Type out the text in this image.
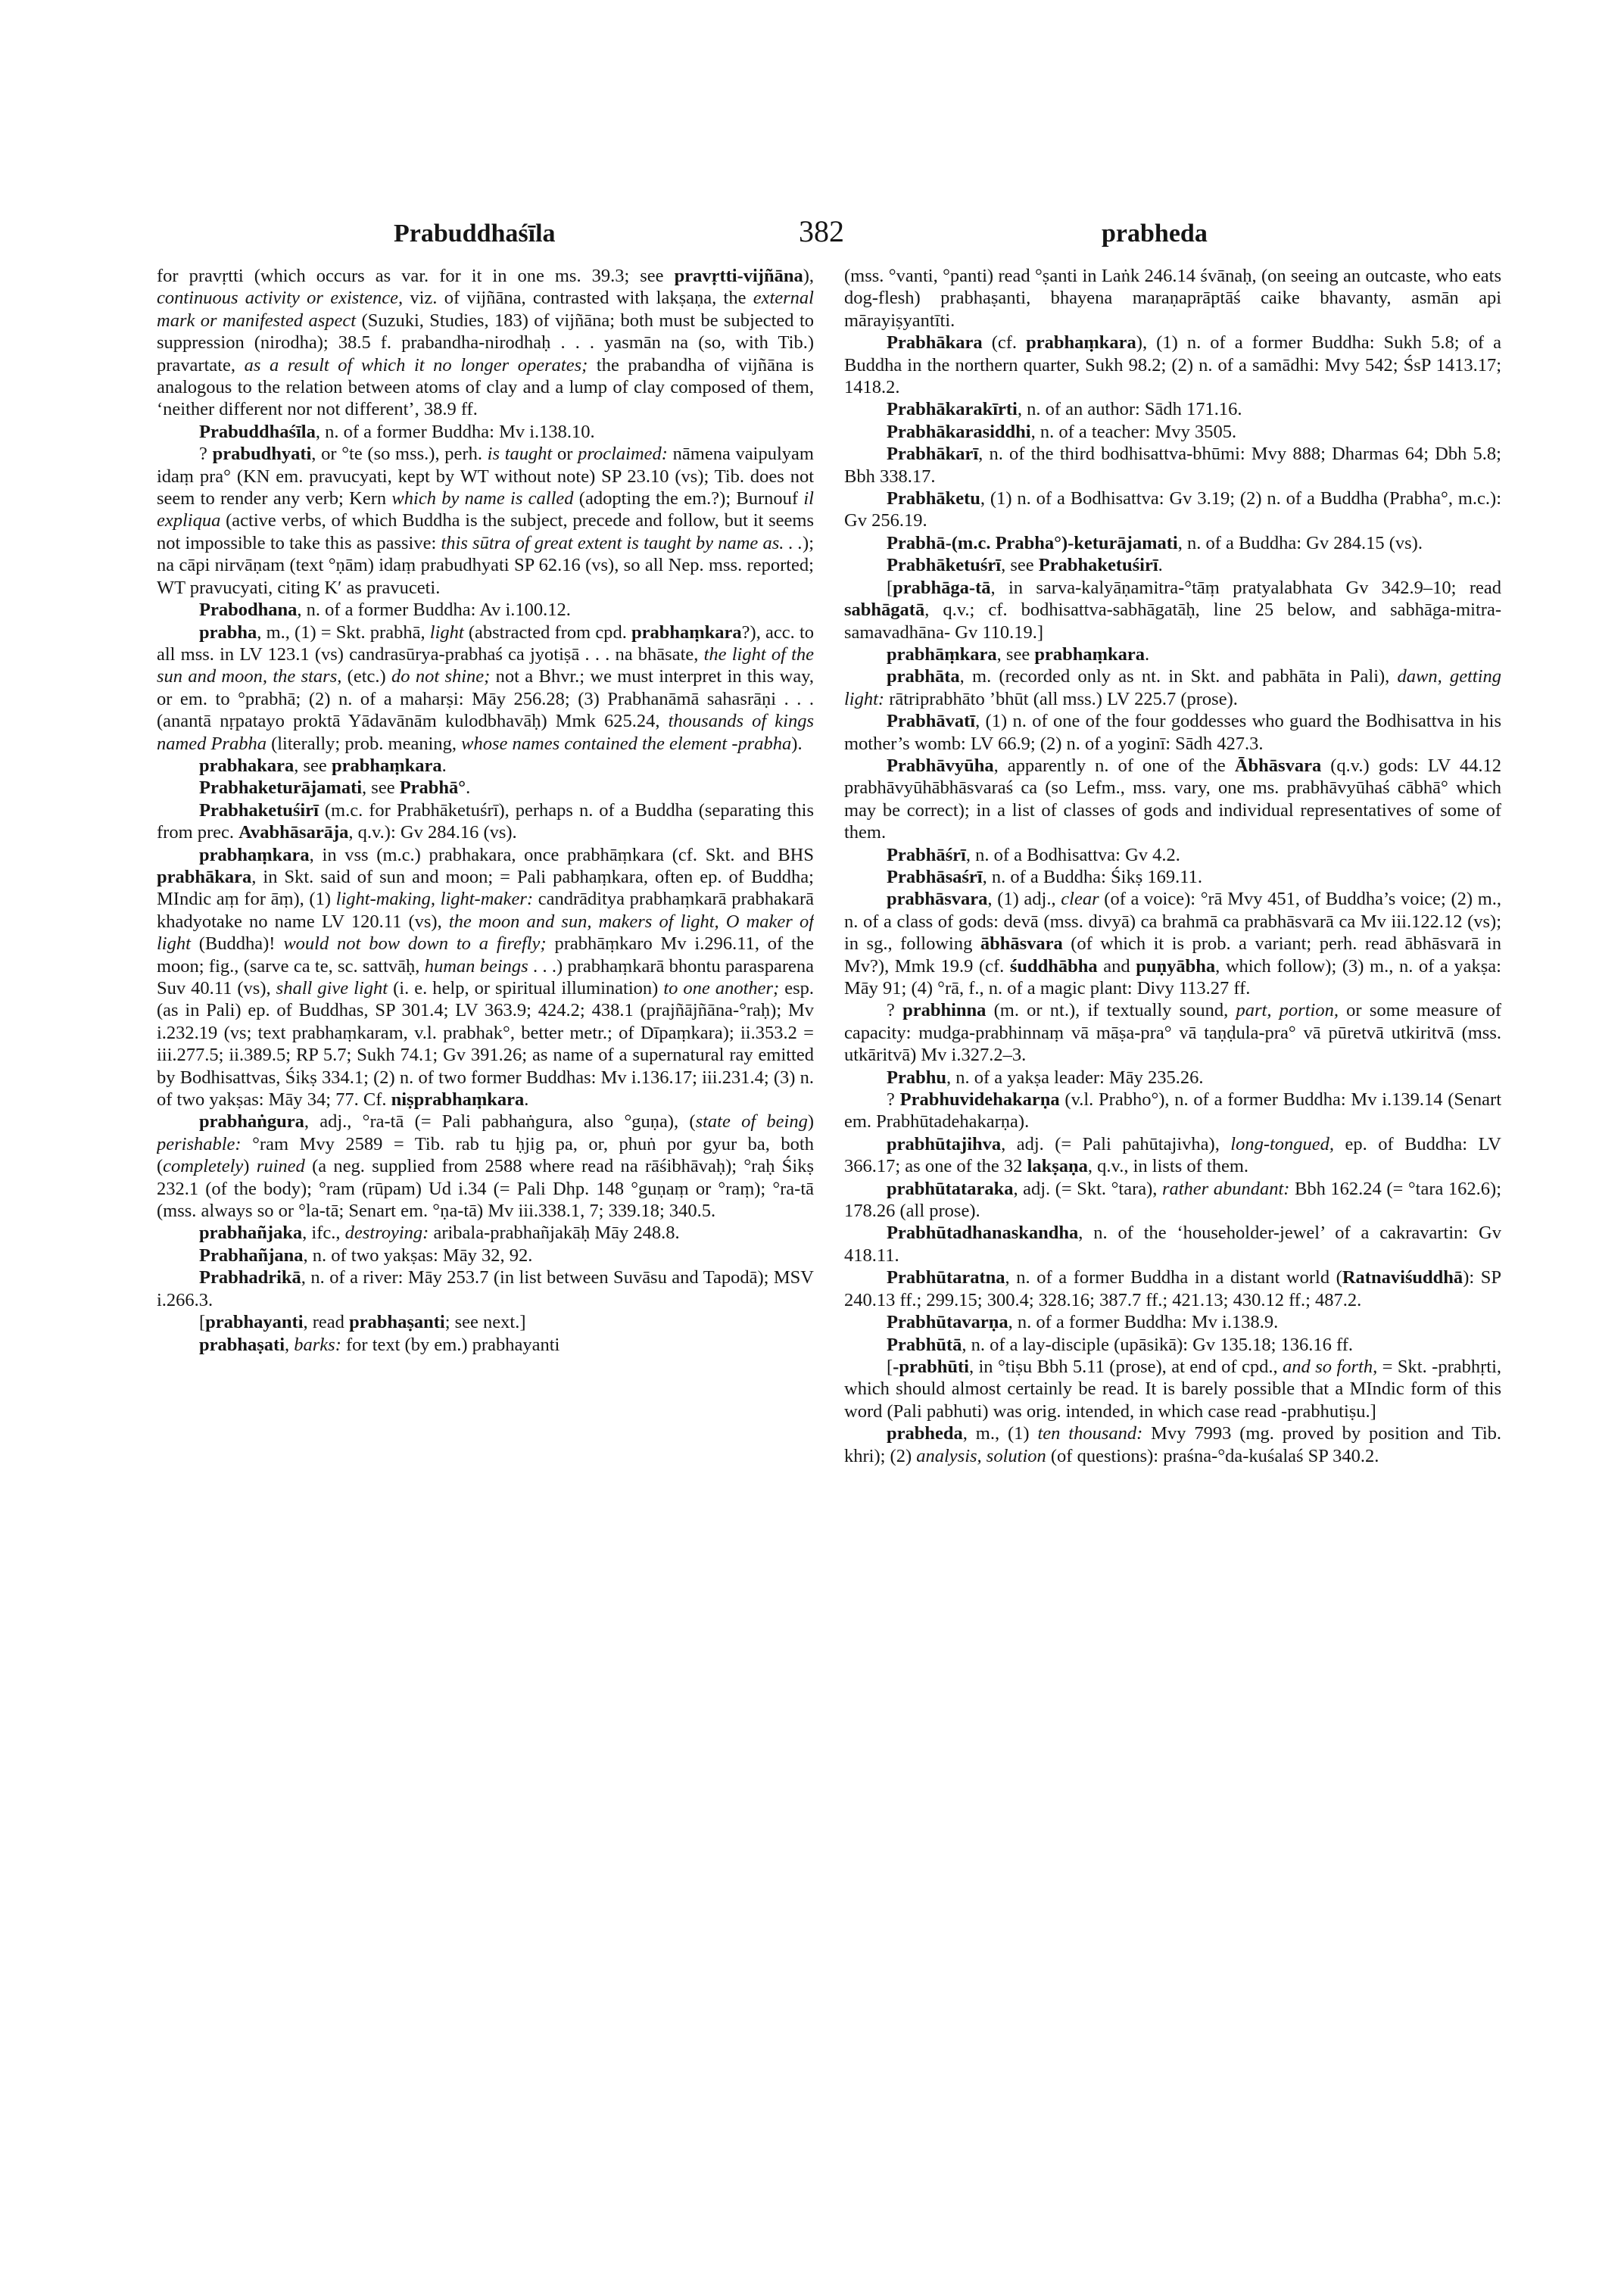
Prabuddhaśīla	382	prabheda

for pravṛtti (which occurs as var. for it in one ms. 39.3; see pravṛtti-vijñāna), continuous activity or existence, viz. of vijñāna, contrasted with lakṣaṇa, the external mark or manifested aspect (Suzuki, Studies, 183) of vijñāna; both must be subjected to suppression (nirodha); 38.5 f. prabandha-nirodhaḥ . . . yasmān na (so, with Tib.) pravartate, as a result of which it no longer operates; the prabandha of vijñāna is analogous to the relation between atoms of clay and a lump of clay composed of them, ‘neither different nor not different’, 38.9 ff.

Prabuddhaśīla, n. of a former Buddha: Mv i.138.10.

? prabudhyati, or °te (so mss.), perh. is taught or proclaimed: nāmena vaipulyam idaṃ pra° (KN em. pravucyati, kept by WT without note) SP 23.10 (vs); Tib. does not seem to render any verb; Kern which by name is called (adopting the em.?); Burnouf il expliqua (active verbs, of which Buddha is the subject, precede and follow, but it seems not impossible to take this as passive: this sūtra of great extent is taught by name as. . .); na cāpi nirvāṇam (text °ṇām) idaṃ prabudhyati SP 62.16 (vs), so all Nep. mss. reported; WT pravucyati, citing K′ as pravuceti.

Prabodhana, n. of a former Buddha: Av i.100.12.

prabha, m., (1) = Skt. prabhā, light (abstracted from cpd. prabhaṃkara?), acc. to all mss. in LV 123.1 (vs) candrasūrya-prabhaś ca jyotiṣā . . . na bhāsate, the light of the sun and moon, the stars, (etc.) do not shine; not a Bhvr.; we must interpret in this way, or em. to °prabhā; (2) n. of a maharṣi: Māy 256.28; (3) Prabhanāmā sahasrāṇi . . . (anantā nṛpatayo proktā Yādavānām kulodbhavāḥ) Mmk 625.24, thousands of kings named Prabha (literally; prob. meaning, whose names contained the element -prabha).

prabhakara, see prabhaṃkara.

Prabhaketurājamati, see Prabhā°.

Prabhaketuśirī (m.c. for Prabhāketuśrī), perhaps n. of a Buddha (separating this from prec. Avabhāsarāja, q.v.): Gv 284.16 (vs).

prabhaṃkara, in vss (m.c.) prabhakara, once prabhāṃkara (cf. Skt. and BHS prabhākara, in Skt. said of sun and moon; = Pali pabhaṃkara, often ep. of Buddha; MIndic aṃ for āṃ), (1) light-making, light-maker: candrāditya prabhaṃkarā prabhakarā khadyotake no name LV 120.11 (vs), the moon and sun, makers of light, O maker of light (Buddha)! would not bow down to a firefly; prabhāṃkaro Mv i.296.11, of the moon; fig., (sarve ca te, sc. sattvāḥ, human beings . . .) prabhaṃkarā bhontu parasparena Suv 40.11 (vs), shall give light (i. e. help, or spiritual illumination) to one another; esp. (as in Pali) ep. of Buddhas, SP 301.4; LV 363.9; 424.2; 438.1 (prajñājñāna-°raḥ); Mv i.232.19 (vs; text prabhaṃkaram, v.l. prabhak°, better metr.; of Dīpaṃkara); ii.353.2 = iii.277.5; ii.389.5; RP 5.7; Sukh 74.1; Gv 391.26; as name of a supernatural ray emitted by Bodhisattvas, Śikṣ 334.1; (2) n. of two former Buddhas: Mv i.136.17; iii.231.4; (3) n. of two yakṣas: Māy 34; 77. Cf. niṣprabhaṃkara.

prabhaṅgura, adj., °ra-tā (= Pali pabhaṅgura, also °guṇa), (state of being) perishable: °ram Mvy 2589 = Tib. rab tu ḥjig pa, or, phuṅ por gyur ba, both (completely) ruined (a neg. supplied from 2588 where read na rāśibhāvaḥ); °raḥ Śikṣ 232.1 (of the body); °ram (rūpam) Ud i.34 (= Pali Dhp. 148 °guṇaṃ or °raṃ); °ra-tā (mss. always so or °la-tā; Senart em. °ṇa-tā) Mv iii.338.1, 7; 339.18; 340.5.

prabhañjaka, ifc., destroying: aribala-prabhañjakāḥ Māy 248.8.

Prabhañjana, n. of two yakṣas: Māy 32, 92.

Prabhadrikā, n. of a river: Māy 253.7 (in list between Suvāsu and Tapodā); MSV i.266.3.

[prabhayanti, read prabhaṣanti; see next.]

prabhaṣati, barks: for text (by em.) prabhayanti

(mss. °vanti, °panti) read °ṣanti in Laṅk 246.14 śvānaḥ, (on seeing an outcaste, who eats dog-flesh) prabhaṣanti, bhayena maraṇaprāptāś caike bhavanty, asmān api mārayiṣyantīti.

Prabhākara (cf. prabhaṃkara), (1) n. of a former Buddha: Sukh 5.8; of a Buddha in the northern quarter, Sukh 98.2; (2) n. of a samādhi: Mvy 542; ŚsP 1413.17; 1418.2.

Prabhākarakīrti, n. of an author: Sādh 171.16.

Prabhākarasiddhi, n. of a teacher: Mvy 3505.

Prabhākarī, n. of the third bodhisattva-bhūmi: Mvy 888; Dharmas 64; Dbh 5.8; Bbh 338.17.

Prabhāketu, (1) n. of a Bodhisattva: Gv 3.19; (2) n. of a Buddha (Prabha°, m.c.): Gv 256.19.

Prabhā-(m.c. Prabha°)-keturājamati, n. of a Buddha: Gv 284.15 (vs).

Prabhāketuśrī, see Prabhaketuśirī.

[prabhāga-tā, in sarva-kalyāṇamitra-°tāṃ pratyalabhata Gv 342.9–10; read sabhāgatā, q.v.; cf. bodhisattva-sabhāgatāḥ, line 25 below, and sabhāga-mitra-samavadhāna- Gv 110.19.]

prabhāṃkara, see prabhaṃkara.

prabhāta, m. (recorded only as nt. in Skt. and pabhāta in Pali), dawn, getting light: rātriprabhāto ’bhūt (all mss.) LV 225.7 (prose).

Prabhāvatī, (1) n. of one of the four goddesses who guard the Bodhisattva in his mother’s womb: LV 66.9; (2) n. of a yoginī: Sādh 427.3.

Prabhāvyūha, apparently n. of one of the Ābhāsvara (q.v.) gods: LV 44.12 prabhāvyūhābhāsvaraś ca (so Lefm., mss. vary, one ms. prabhāvyūhaś cābhā° which may be correct); in a list of classes of gods and individual representatives of some of them.

Prabhāśrī, n. of a Bodhisattva: Gv 4.2.

Prabhāsaśrī, n. of a Buddha: Śikṣ 169.11.

prabhāsvara, (1) adj., clear (of a voice): °rā Mvy 451, of Buddha’s voice; (2) m., n. of a class of gods: devā (mss. divyā) ca brahmā ca prabhāsvarā ca Mv iii.122.12 (vs); in sg., following ābhāsvara (of which it is prob. a variant; perh. read ābhāsvarā in Mv?), Mmk 19.9 (cf. śuddhābha and puṇyābha, which follow); (3) m., n. of a yakṣa: Māy 91; (4) °rā, f., n. of a magic plant: Divy 113.27 ff.

? prabhinna (m. or nt.), if textually sound, part, portion, or some measure of capacity: mudga-prabhinnaṃ vā māṣa-pra° vā taṇḍula-pra° vā pūretvā utkiritvā (mss. utkāritvā) Mv i.327.2–3.

Prabhu, n. of a yakṣa leader: Māy 235.26.

? Prabhuvidehakarṇa (v.l. Prabho°), n. of a former Buddha: Mv i.139.14 (Senart em. Prabhūtadehakarṇa).

prabhūtajihva, adj. (= Pali pahūtajivha), long-tongued, ep. of Buddha: LV 366.17; as one of the 32 lakṣaṇa, q.v., in lists of them.

prabhūtataraka, adj. (= Skt. °tara), rather abundant: Bbh 162.24 (= °tara 162.6); 178.26 (all prose).

Prabhūtadhanaskandha, n. of the ‘householder-jewel’ of a cakravartin: Gv 418.11.

Prabhūtaratna, n. of a former Buddha in a distant world (Ratnaviśuddhā): SP 240.13 ff.; 299.15; 300.4; 328.16; 387.7 ff.; 421.13; 430.12 ff.; 487.2.

Prabhūtavarṇa, n. of a former Buddha: Mv i.138.9.

Prabhūtā, n. of a lay-disciple (upāsikā): Gv 135.18; 136.16 ff.

[-prabhūti, in °tiṣu Bbh 5.11 (prose), at end of cpd., and so forth, = Skt. -prabhṛti, which should almost certainly be read. It is barely possible that a MIndic form of this word (Pali pabhuti) was orig. intended, in which case read -prabhutiṣu.]

prabheda, m., (1) ten thousand: Mvy 7993 (mg. proved by position and Tib. khri); (2) analysis, solution (of questions): praśna-°da-kuśalaś SP 340.2.
